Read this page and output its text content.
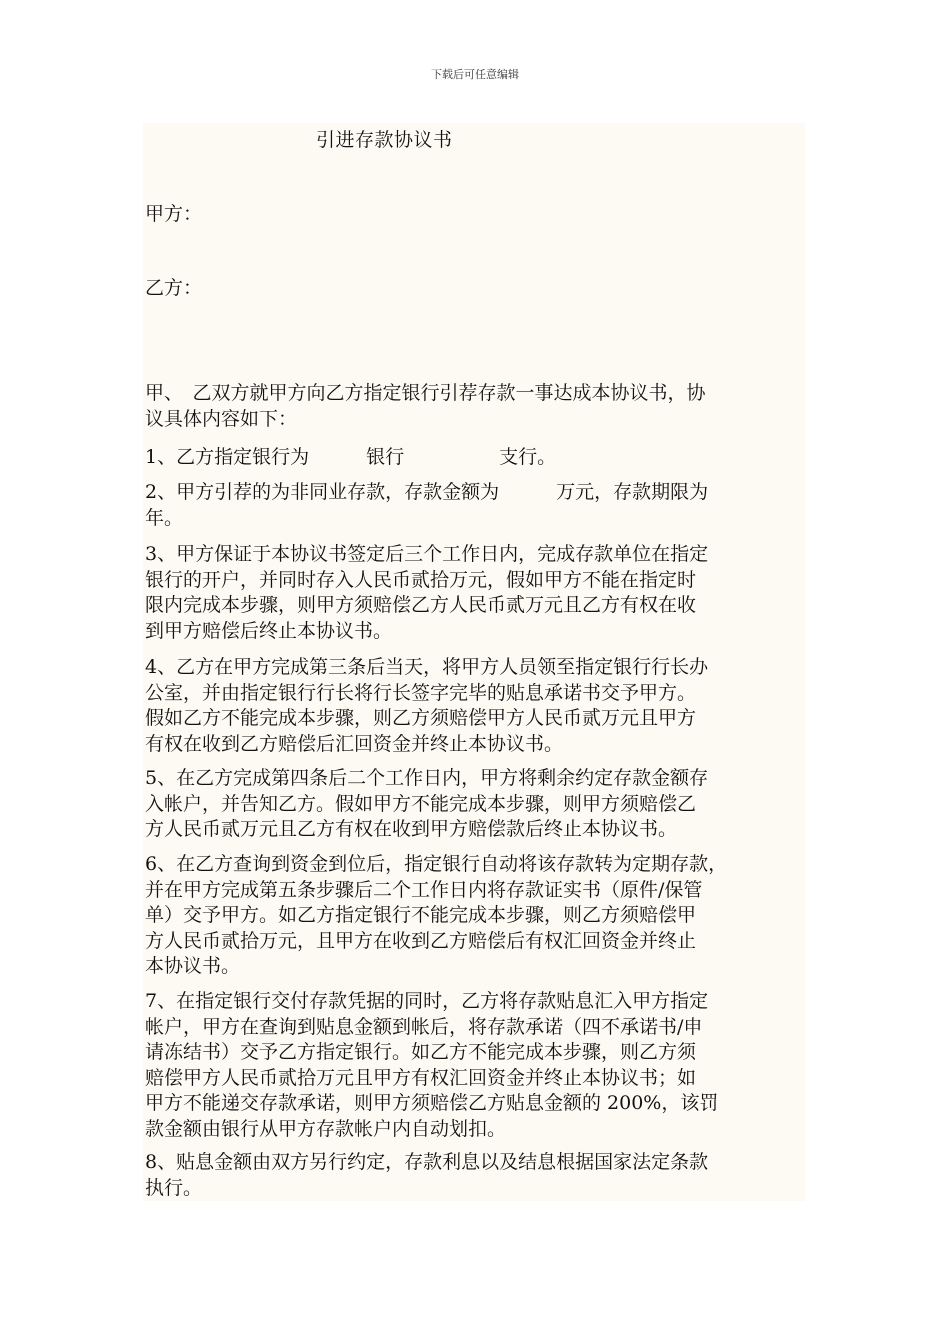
下载后可任意编辑
引进存款协议书
甲方：
乙方：
甲、　乙双方就甲方向乙方指定银行引荐存款一事达成本协议书，协
议具体内容如下：
1、乙方指定银行为　　　银行　　　　　支行。
2、甲方引荐的为非同业存款，存款金额为　　　万元，存款期限为
年。
3、甲方保证于本协议书签定后三个工作日内，完成存款单位在指定
银行的开户，并同时存入人民币贰拾万元，假如甲方不能在指定时
限内完成本步骤，则甲方须赔偿乙方人民币贰万元且乙方有权在收
到甲方赔偿后终止本协议书。
4、乙方在甲方完成第三条后当天，将甲方人员领至指定银行行长办
公室，并由指定银行行长将行长签字完毕的贴息承诺书交予甲方。
假如乙方不能完成本步骤，则乙方须赔偿甲方人民币贰万元且甲方
有权在收到乙方赔偿后汇回资金并终止本协议书。
5、在乙方完成第四条后二个工作日内，甲方将剩余约定存款金额存
入帐户，并告知乙方。假如甲方不能完成本步骤，则甲方须赔偿乙
方人民币贰万元且乙方有权在收到甲方赔偿款后终止本协议书。
6、在乙方查询到资金到位后，指定银行自动将该存款转为定期存款，
并在甲方完成第五条步骤后二个工作日内将存款证实书（原件/保管
单）交予甲方。如乙方指定银行不能完成本步骤，则乙方须赔偿甲
方人民币贰拾万元，且甲方在收到乙方赔偿后有权汇回资金并终止
本协议书。
7、在指定银行交付存款凭据的同时，乙方将存款贴息汇入甲方指定
帐户，甲方在查询到贴息金额到帐后，将存款承诺（四不承诺书/申
请冻结书）交予乙方指定银行。如乙方不能完成本步骤，则乙方须
赔偿甲方人民币贰拾万元且甲方有权汇回资金并终止本协议书；如
甲方不能递交存款承诺，则甲方须赔偿乙方贴息金额的 200%，该罚
款金额由银行从甲方存款帐户内自动划扣。
8、贴息金额由双方另行约定，存款利息以及结息根据国家法定条款
执行。
